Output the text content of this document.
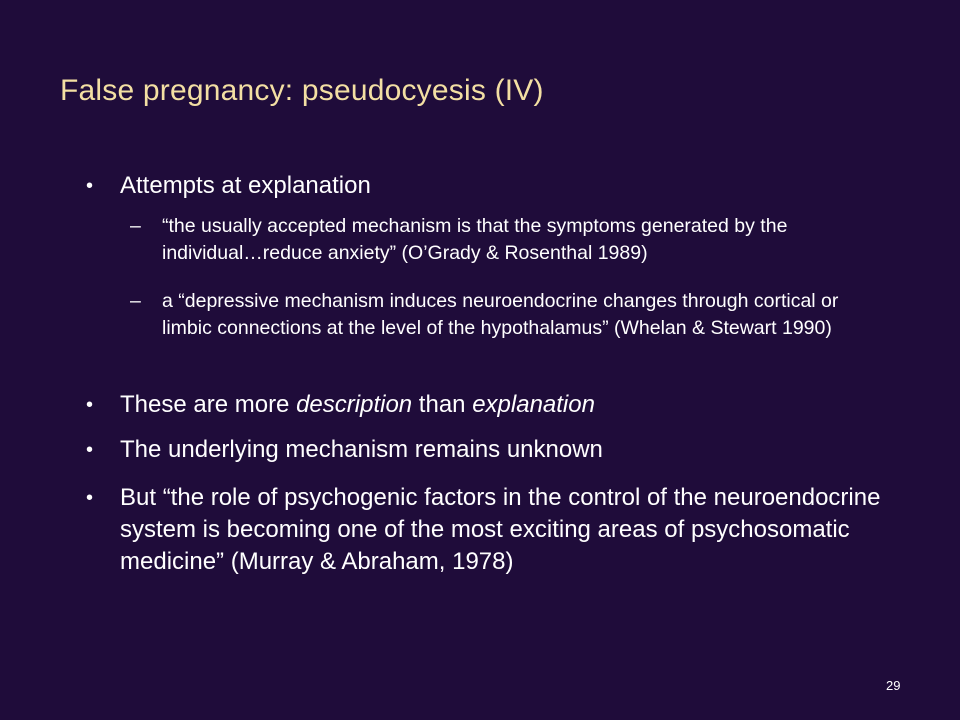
False pregnancy: pseudocyesis (IV)
• Attempts at explanation
– “the usually accepted mechanism is that the symptoms generated by the individual…reduce anxiety” (O’Grady & Rosenthal 1989)
– a “depressive mechanism induces neuroendocrine changes through cortical or limbic connections at the level of the hypothalamus” (Whelan & Stewart 1990)
• These are more description than explanation
• The underlying mechanism remains unknown
• But “the role of psychogenic factors in the control of the neuroendocrine system is becoming one of the most exciting areas of psychosomatic medicine” (Murray & Abraham, 1978)
29
